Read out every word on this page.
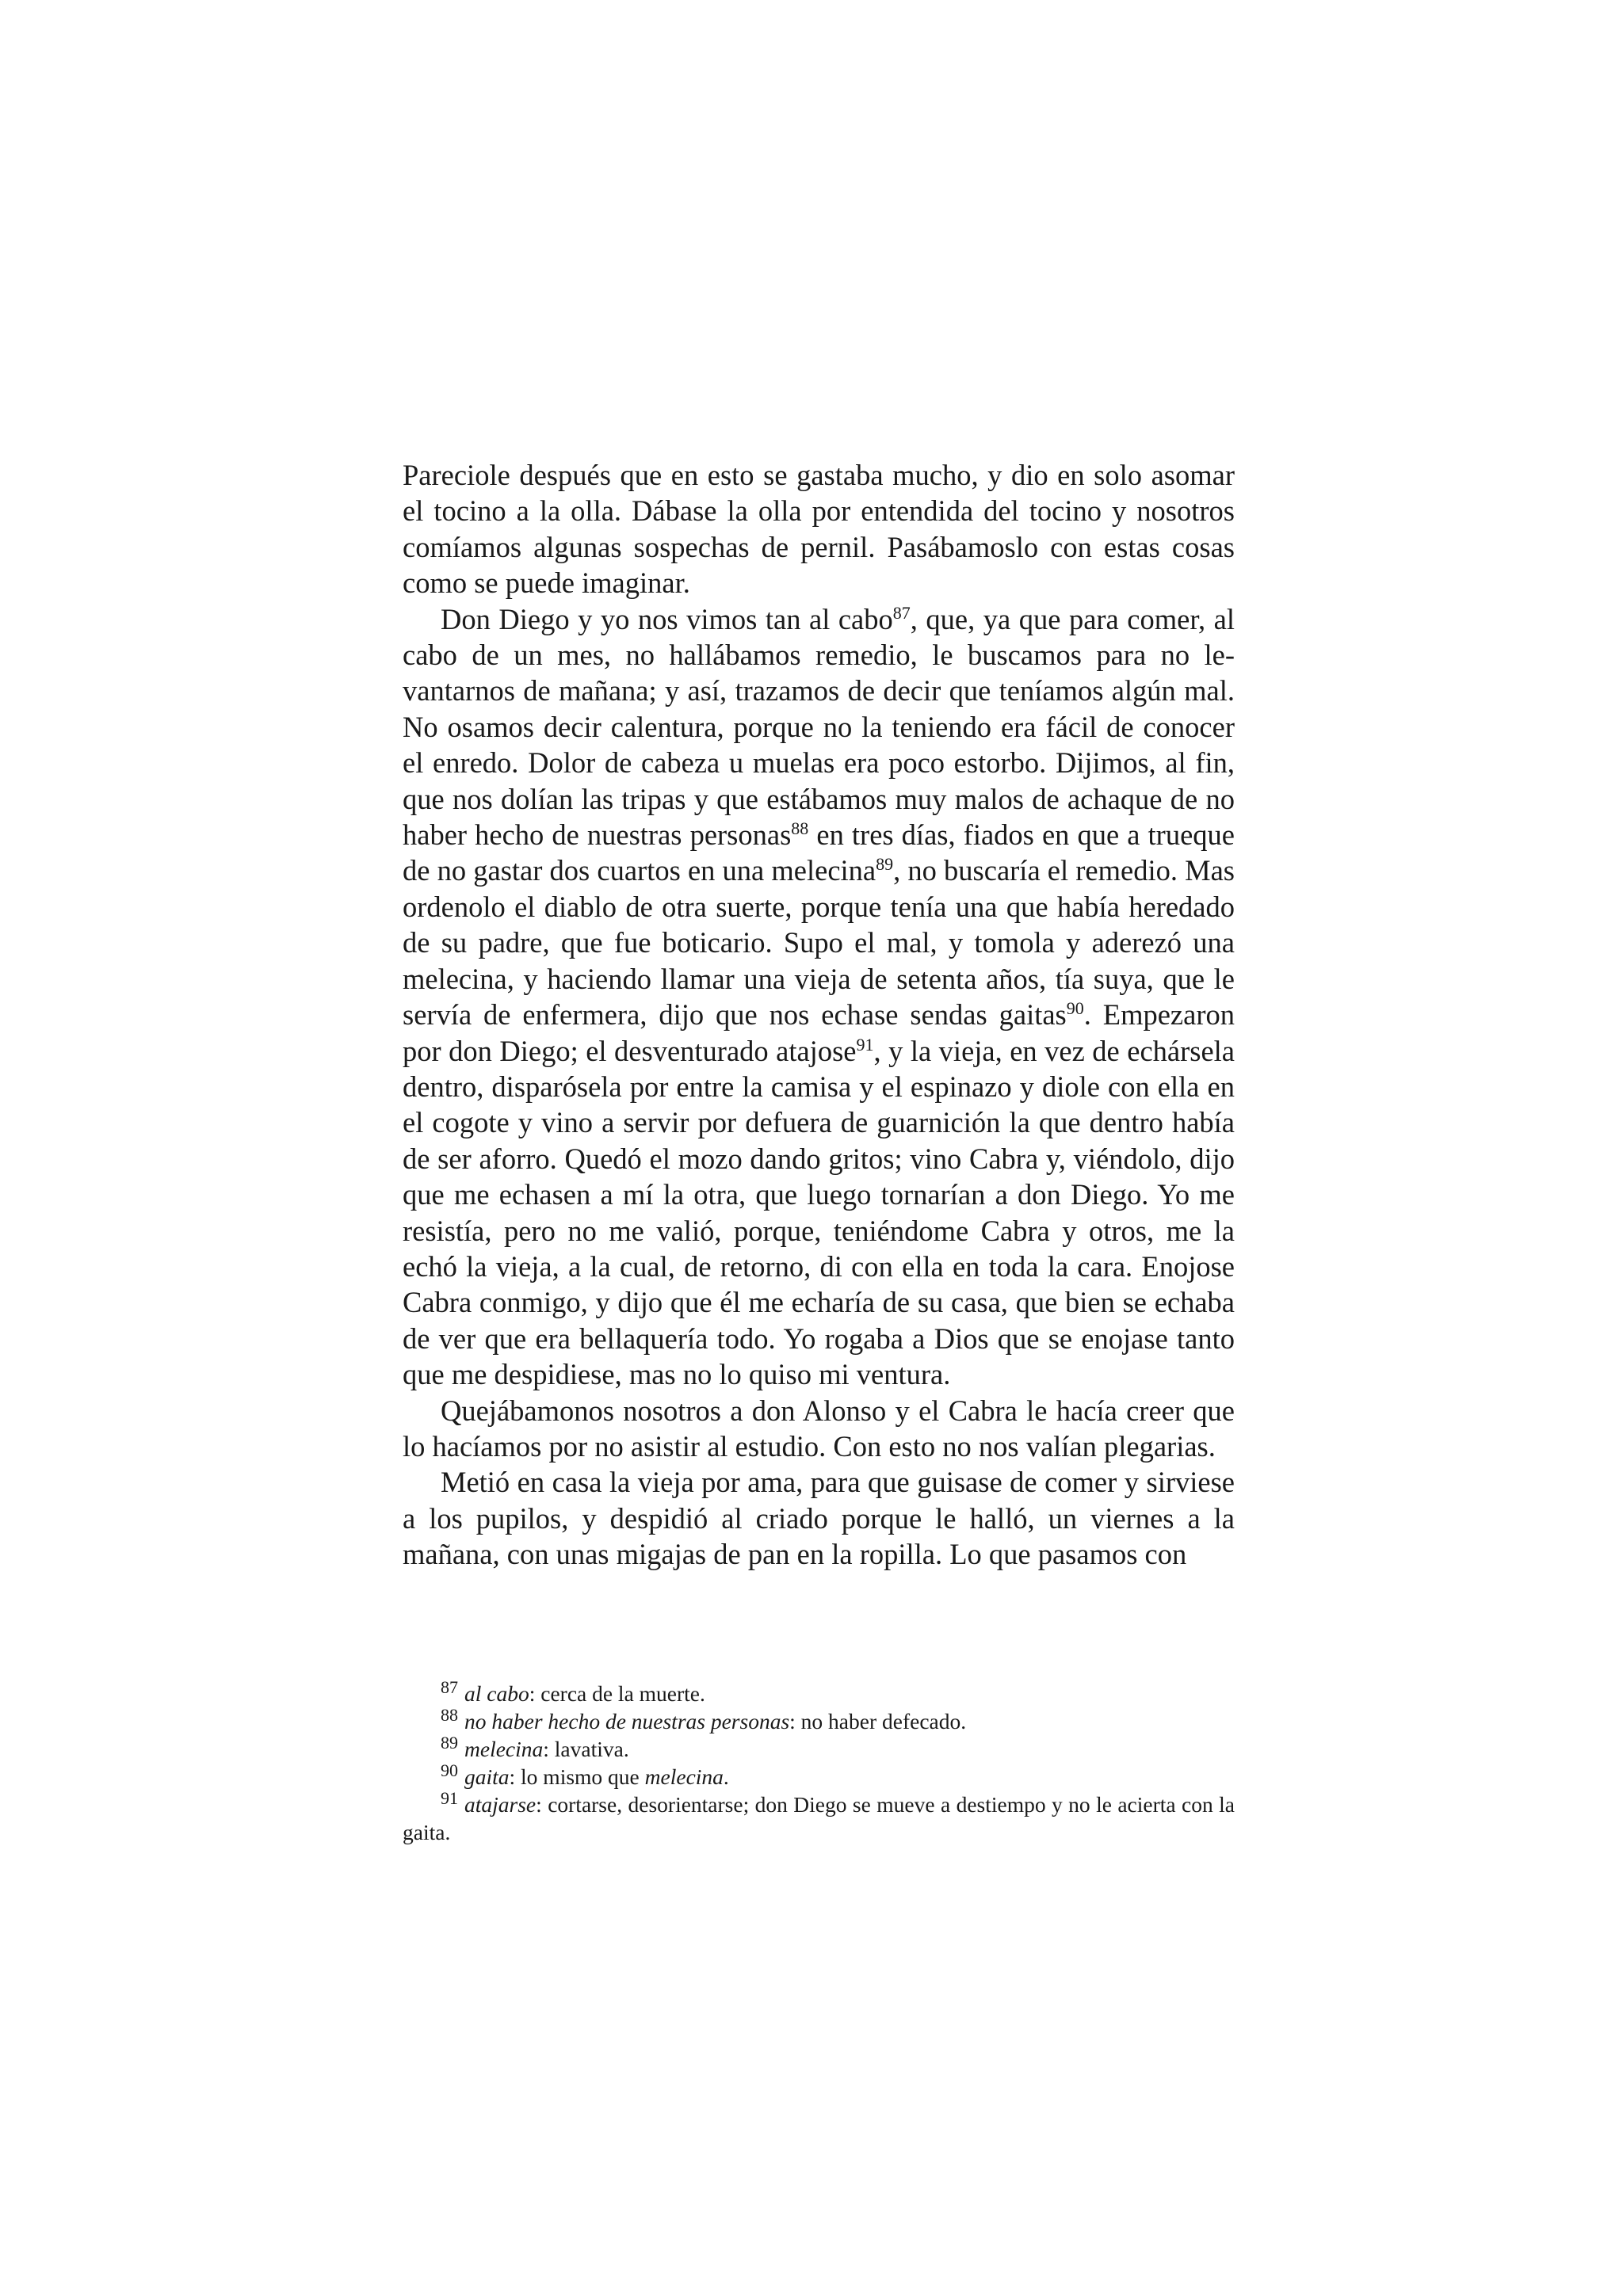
Pareciole después que en esto se gastaba mucho, y dio en solo asomar el tocino a la olla. Dábase la olla por entendida del tocino y nosotros comíamos algunas sospechas de pernil. Pasábamoslo con estas cosas como se puede imaginar.

Don Diego y yo nos vimos tan al cabo$^{87}$, que, ya que para comer, al cabo de un mes, no hallábamos remedio, le buscamos para no levantarnos de mañana; y así, trazamos de decir que teníamos algún mal. No osamos decir calentura, porque no la teniendo era fácil de conocer el enredo. Dolor de cabeza u muelas era poco estorbo. Dijimos, al fin, que nos dolían las tripas y que estábamos muy malos de achaque de no haber hecho de nuestras personas$^{88}$ en tres días, fiados en que a trueque de no gastar dos cuartos en una melecina$^{89}$, no buscaría el remedio. Mas ordenolo el diablo de otra suerte, porque tenía una que había heredado de su padre, que fue boticario. Supo el mal, y tomola y aderezó una melecina, y haciendo llamar una vieja de setenta años, tía suya, que le servía de enfermera, dijo que nos echase sendas gaitas$^{90}$. Empezaron por don Diego; el desventurado atajose$^{91}$, y la vieja, en vez de echársela dentro, disparósela por entre la camisa y el espinazo y diole con ella en el cogote y vino a servir por defuera de guarnición la que dentro había de ser aforro. Quedó el mozo dando gritos; vino Cabra y, viéndolo, dijo que me echasen a mí la otra, que luego tornarían a don Diego. Yo me resistía, pero no me valió, porque, teniéndome Cabra y otros, me la echó la vieja, a la cual, de retorno, di con ella en toda la cara. Enojose Cabra conmigo, y dijo que él me echaría de su casa, que bien se echaba de ver que era bellaquería todo. Yo rogaba a Dios que se enojase tanto que me despidiese, mas no lo quiso mi ventura.

Quejábamonos nosotros a don Alonso y el Cabra le hacía creer que lo hacíamos por no asistir al estudio. Con esto no nos valían plegarias.

Metió en casa la vieja por ama, para que guisase de comer y sirviese a los pupilos, y despidió al criado porque le halló, un viernes a la mañana, con unas migajas de pan en la ropilla. Lo que pasamos con

$^{87}$ al cabo: cerca de la muerte.

$^{88}$ no haber hecho de nuestras personas: no haber defecado.

$^{89}$ melecina: lavativa.

$^{90}$ gaita: lo mismo que melecina.

$^{91}$ atajarse: cortarse, desorientarse; don Diego se mueve a destiempo y no le acierta con la gaita.
